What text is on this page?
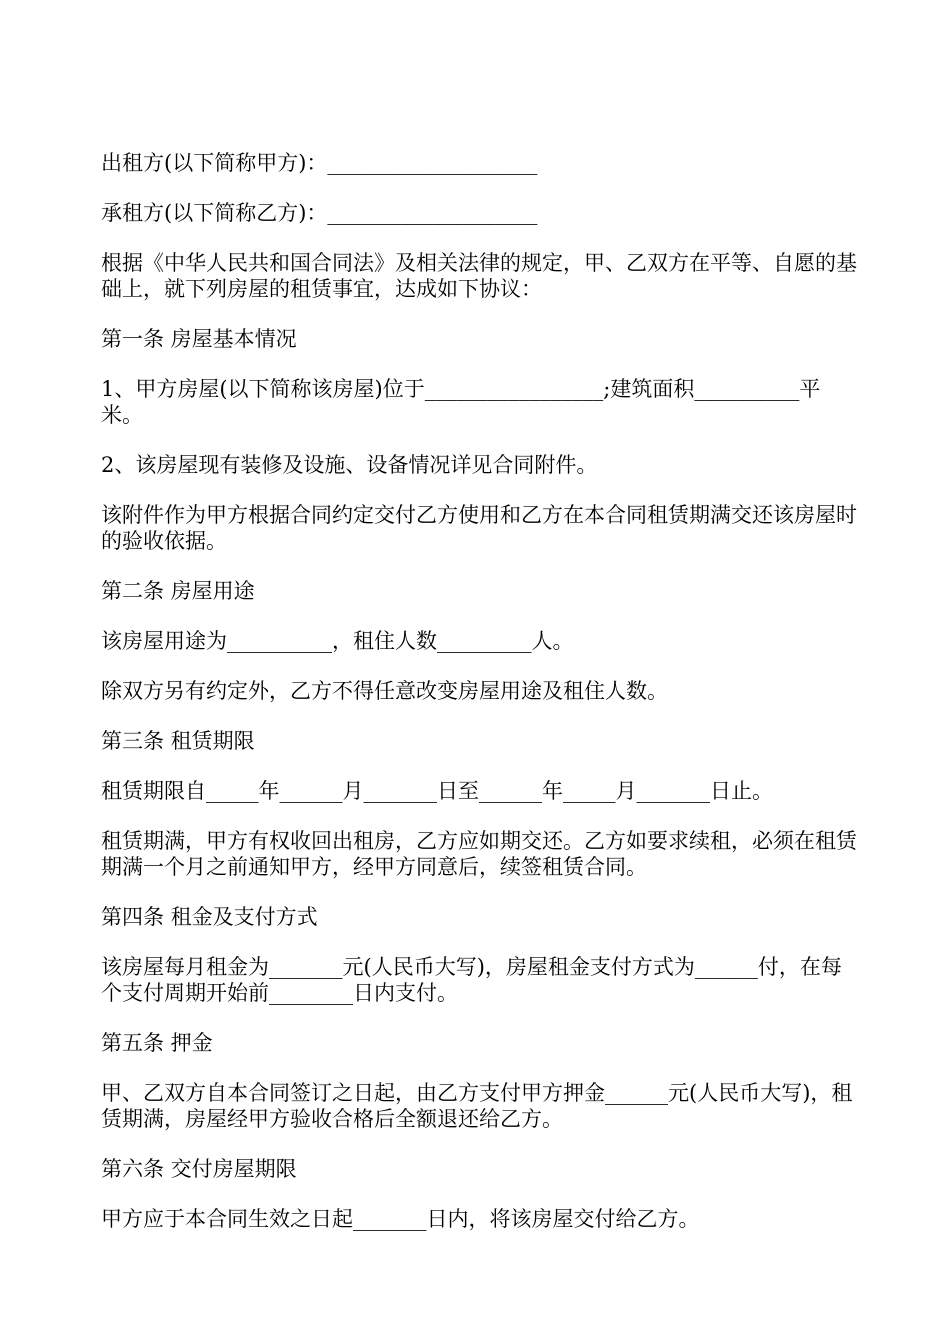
出租方(以下简称甲方)：____________________

承租方(以下简称乙方)：____________________

根据《中华人民共和国合同法》及相关法律的规定，甲、乙双方在平等、自愿的基础上，就下列房屋的租赁事宜，达成如下协议：

第一条 房屋基本情况

1、甲方房屋(以下简称该房屋)位于_________________;建筑面积__________平米。

2、该房屋现有装修及设施、设备情况详见合同附件。

该附件作为甲方根据合同约定交付乙方使用和乙方在本合同租赁期满交还该房屋时的验收依据。

第二条 房屋用途

该房屋用途为__________，租住人数_________人。

除双方另有约定外，乙方不得任意改变房屋用途及租住人数。

第三条 租赁期限

租赁期限自_____年______月_______日至______年_____月_______日止。

租赁期满，甲方有权收回出租房，乙方应如期交还。乙方如要求续租，必须在租赁期满一个月之前通知甲方，经甲方同意后，续签租赁合同。

第四条 租金及支付方式

该房屋每月租金为_______元(人民币大写)，房屋租金支付方式为______付，在每个支付周期开始前________日内支付。

第五条 押金

甲、乙双方自本合同签订之日起，由乙方支付甲方押金______元(人民币大写)，租赁期满，房屋经甲方验收合格后全额退还给乙方。

第六条 交付房屋期限

甲方应于本合同生效之日起_______日内，将该房屋交付给乙方。
